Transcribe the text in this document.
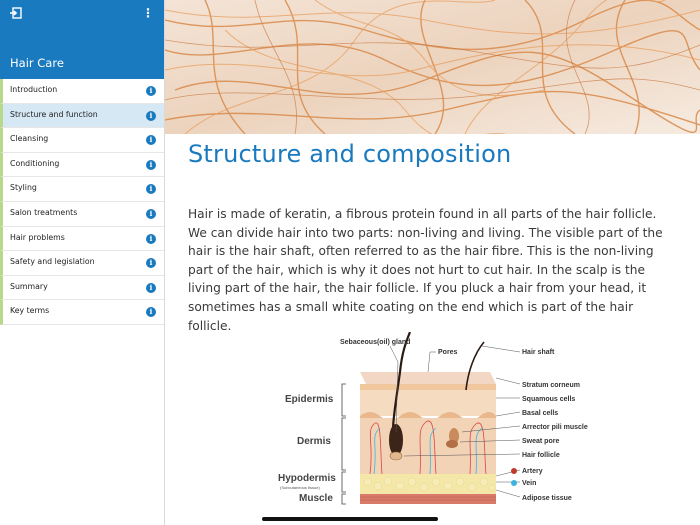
⋮
Hair Care
Introduction	i
Structure and function	i
Cleansing	i
Conditioning	i
Styling	i
Salon treatments	i
Hair problems	i
Safety and legislation	i
Summary	i
Key terms	i
Structure and composition
Hair is made of keratin, a fibrous protein found in all parts of the hair follicle. We can divide hair into two parts: non-living and living. The visible part of the hair is the hair shaft, often referred to as the hair fibre. This is the non-living part of the hair, which is why it does not hurt to cut hair. In the scalp is the living part of the hair, the hair follicle. If you pluck a hair from your head, it sometimes has a small white coating on the end which is part of the hair follicle.
Epidermis
Dermis
Hypodermis
(Subcutaneous tissue)
Muscle
Sebaceous(oil) gland
Pores	Hair shaft
Stratum corneum
Squamous cells
Basal cells
Arrector pili muscle
Sweat pore
Hair follicle
Artery
Vein
Adipose tissue
